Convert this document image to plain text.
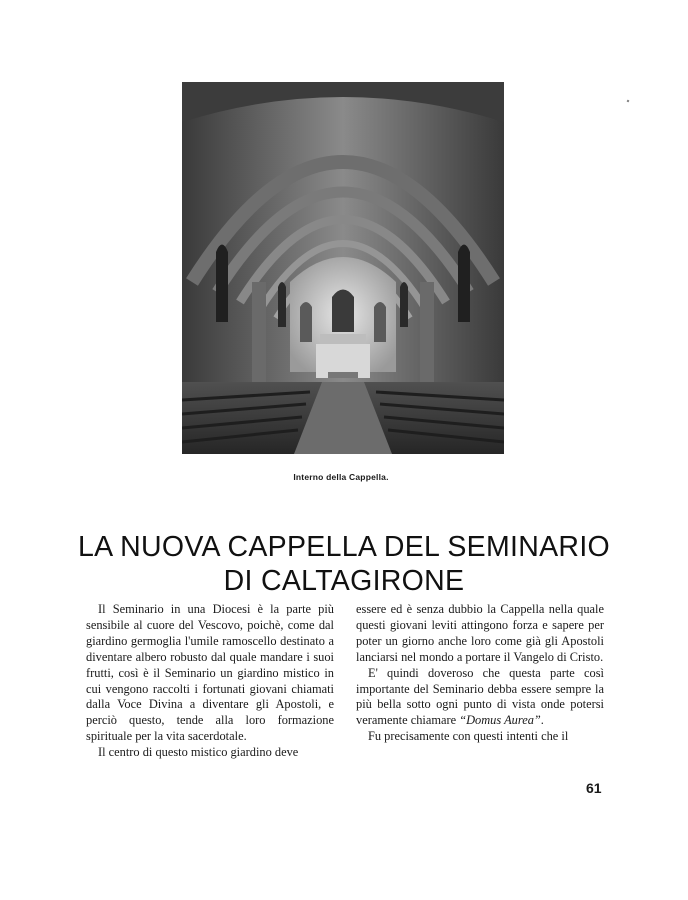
Interno della Cappella.
LA NUOVA CAPPELLA DEL SEMINARIO
DI CALTAGIRONE

Il Seminario in una Diocesi è la parte più sensibile al cuore del Vescovo, poichè, come dal giardino germoglia l'umile ramoscello destinato a diventare albero robusto dal quale mandare i suoi frutti, così è il Seminario un giardino mistico in cui vengono raccolti i fortunati giovani chiamati dalla Voce Divina a diventare gli Apostoli, e perciò questo, tende alla loro formazione spirituale per la vita sacerdotale.

Il centro di questo mistico giardino deve

essere ed è senza dubbio la Cappella nella quale questi giovani leviti attingono forza e sapere per poter un giorno anche loro come già gli Apostoli lanciarsi nel mondo a portare il Vangelo di Cristo.

E' quindi doveroso che questa parte così importante del Seminario debba essere sempre la più bella sotto ogni punto di vista onde potersi veramente chiamare “Domus Aurea”.

Fu precisamente con questi intenti che il

61
